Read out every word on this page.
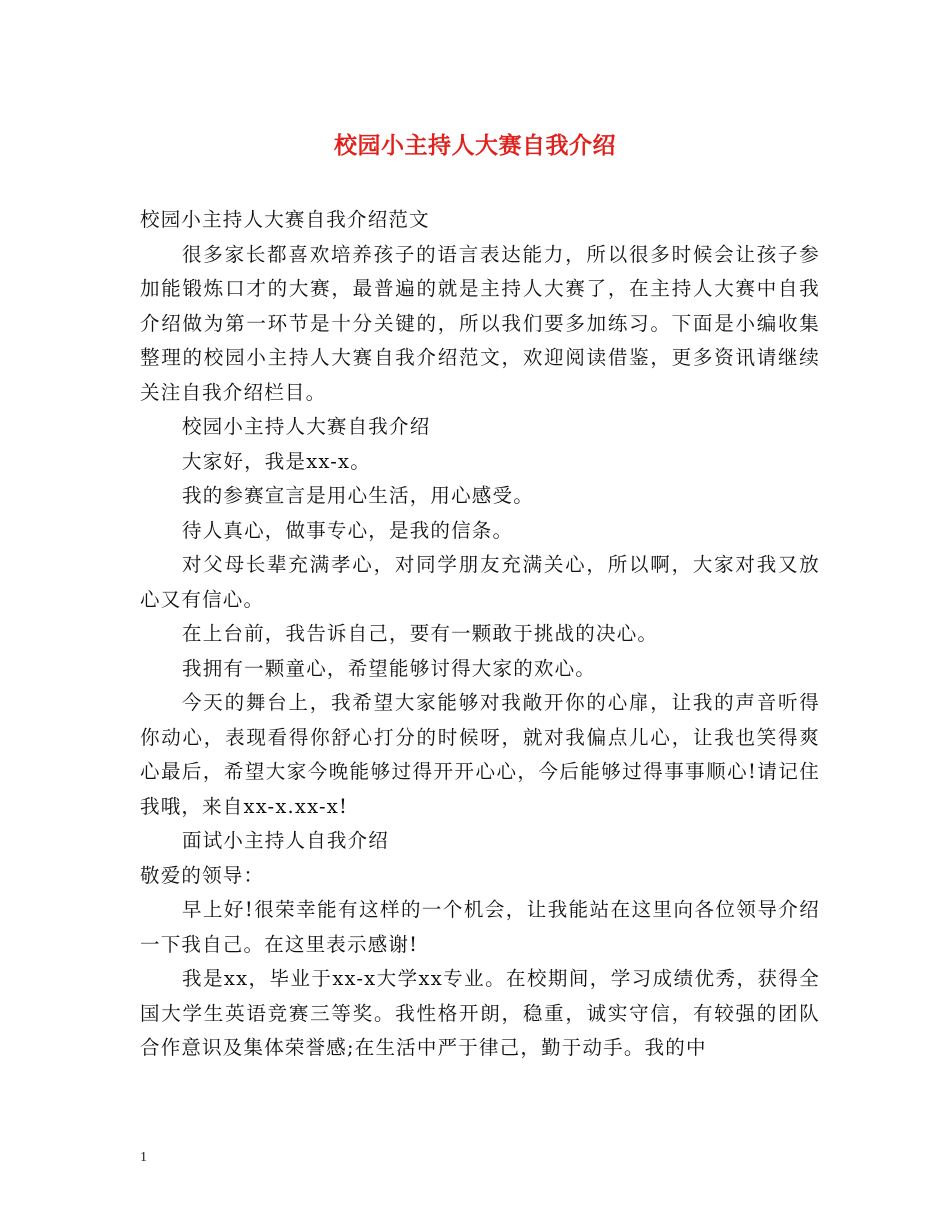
校园小主持人大赛自我介绍

校园小主持人大赛自我介绍范文

很多家长都喜欢培养孩子的语言表达能力，所以很多时候会让孩子参加能锻炼口才的大赛，最普遍的就是主持人大赛了，在主持人大赛中自我介绍做为第一环节是十分关键的，所以我们要多加练习。下面是小编收集整理的校园小主持人大赛自我介绍范文，欢迎阅读借鉴，更多资讯请继续关注自我介绍栏目。

校园小主持人大赛自我介绍

大家好，我是xx-x。

我的参赛宣言是用心生活，用心感受。

待人真心，做事专心，是我的信条。

对父母长辈充满孝心，对同学朋友充满关心，所以啊，大家对我又放心又有信心。

在上台前，我告诉自己，要有一颗敢于挑战的决心。

我拥有一颗童心，希望能够讨得大家的欢心。

今天的舞台上，我希望大家能够对我敞开你的心扉，让我的声音听得你动心，表现看得你舒心打分的时候呀，就对我偏点儿心，让我也笑得爽心最后，希望大家今晚能够过得开开心心，今后能够过得事事顺心!请记住我哦，来自xx-x.xx-x!

面试小主持人自我介绍

敬爱的领导：

早上好!很荣幸能有这样的一个机会，让我能站在这里向各位领导介绍一下我自己。在这里表示感谢!

我是xx，毕业于xx-x大学xx专业。在校期间，学习成绩优秀，获得全国大学生英语竞赛三等奖。我性格开朗，稳重，诚实守信，有较强的团队合作意识及集体荣誉感;在生活中严于律己，勤于动手。我的中

1
